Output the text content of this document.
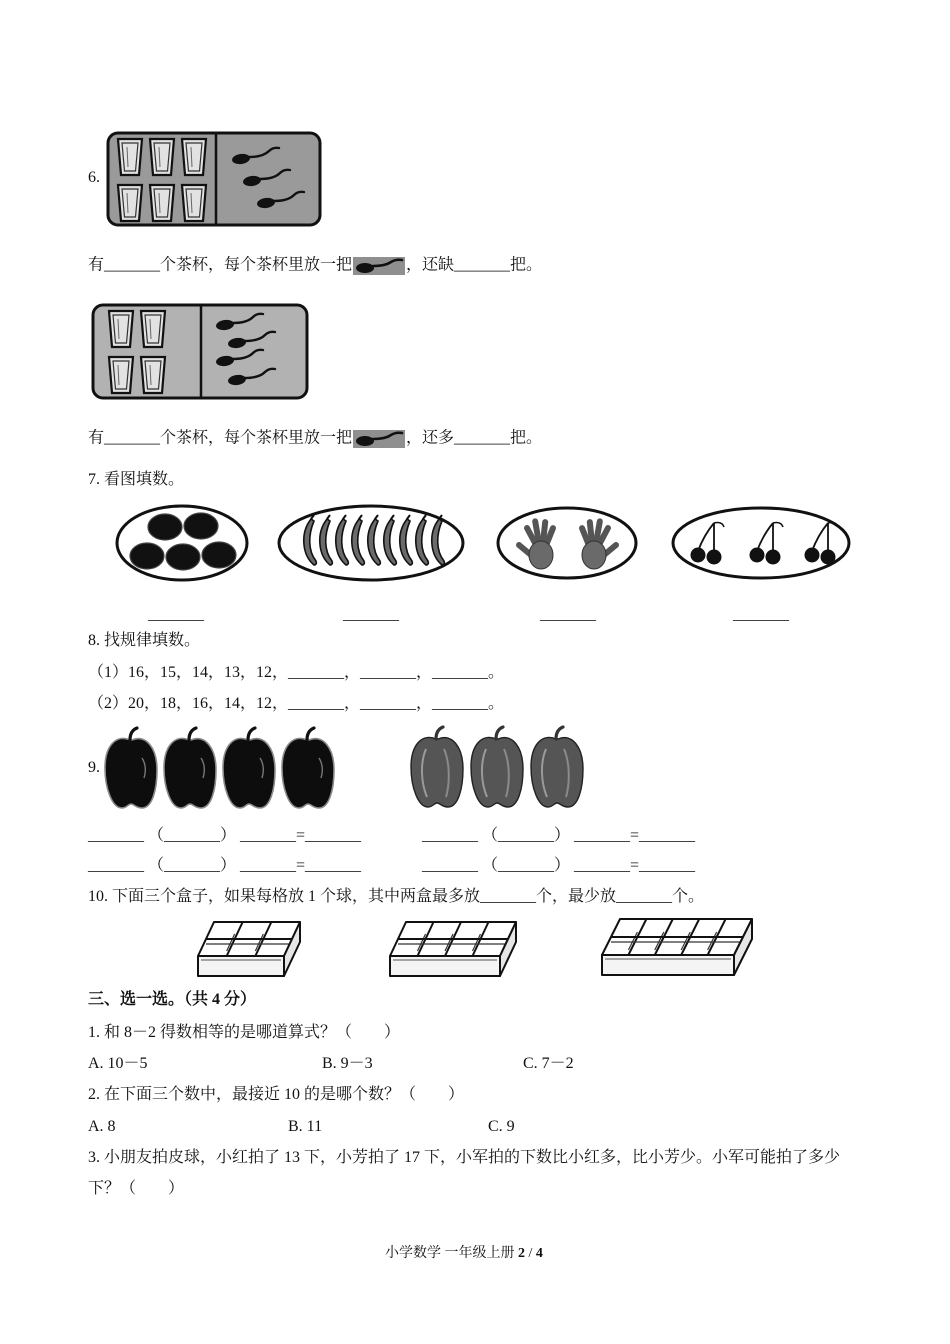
6.
有_______个茶杯，每个茶杯里放一把	，还缺_______把。
有_______个茶杯，每个茶杯里放一把	，还多_______把。
7. 看图填数。
_______	_______	_______	_______
8. 找规律填数。
（1）16，15，14，13，12，_______，_______，_______。
（2）20，18，16，14，12，_______，_______，_______。
9.
_______ （_______） _______=_______	_______ （_______） _______=_______
_______ （_______） _______=_______	_______ （_______） _______=_______
10. 下面三个盒子，如果每格放 1 个球，其中两盒最多放_______个，最少放_______个。
三、选一选。（共 4 分）
1. 和 8－2 得数相等的是哪道算式？（　　）
A. 10－5	B. 9－3	C. 7－2
2. 在下面三个数中，最接近 10 的是哪个数？（　　）
A. 8	B. 11	C. 9
3. 小朋友拍皮球，小红拍了 13 下，小芳拍了 17 下，小军拍的下数比小红多，比小芳少。小军可能拍了多少
下？（　　）
小学数学 一年级上册 2 / 4
